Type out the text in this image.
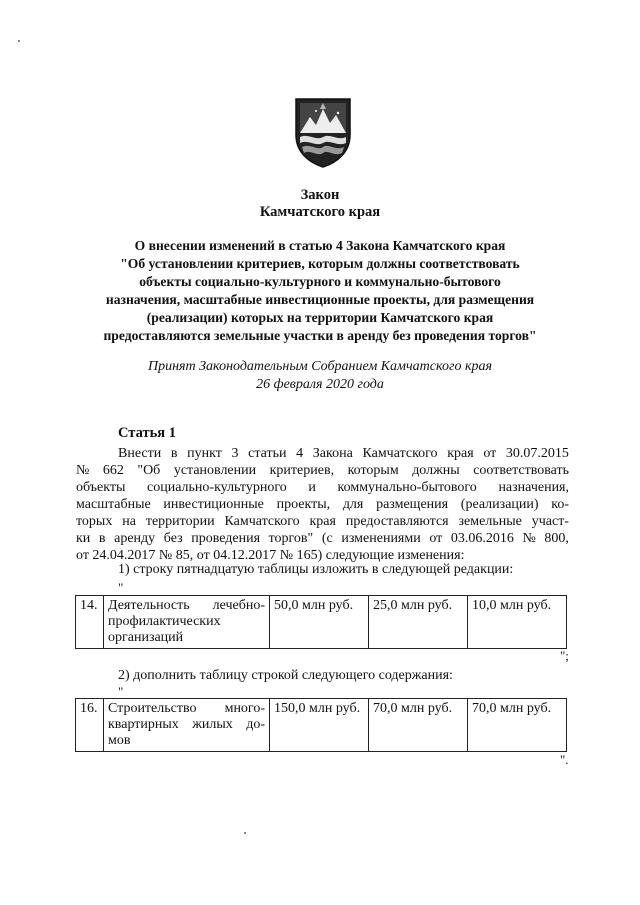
Закон
Камчатского края
О внесении изменений в статью 4 Закона Камчатского края
"Об установлении критериев, которым должны соответствовать
объекты социально-культурного и коммунально-бытового
назначения, масштабные инвестиционные проекты, для размещения
(реализации) которых на территории Камчатского края
предоставляются земельные участки в аренду без проведения торгов"
Принят Законодательным Собранием Камчатского края
26 февраля 2020 года
Статья 1
Внести в пункт 3 статьи 4 Закона Камчатского края от 30.07.2015
№ 662 "Об установлении критериев, которым должны соответствовать
объекты социально-культурного и коммунально-бытового назначения,
масштабные инвестиционные проекты, для размещения (реализации) ко-
торых на территории Камчатского края предоставляются земельные участ-
ки в аренду без проведения торгов" (с изменениями от 03.06.2016 № 800,
от 24.04.2017 № 85, от 04.12.2017 № 165) следующие изменения:
1) строку пятнадцатую таблицы изложить в следующей редакции:
"
14.	Деятельность лечебно-
профилактических
организаций
	50,0 млн руб.	25,0 млн руб.	10,0 млн руб.
";
2) дополнить таблицу строкой следующего содержания:
"
16.	Строительство много-
квартирных жилых до-
мов
	150,0 млн руб.	70,0 млн руб.	70,0 млн руб.
".
